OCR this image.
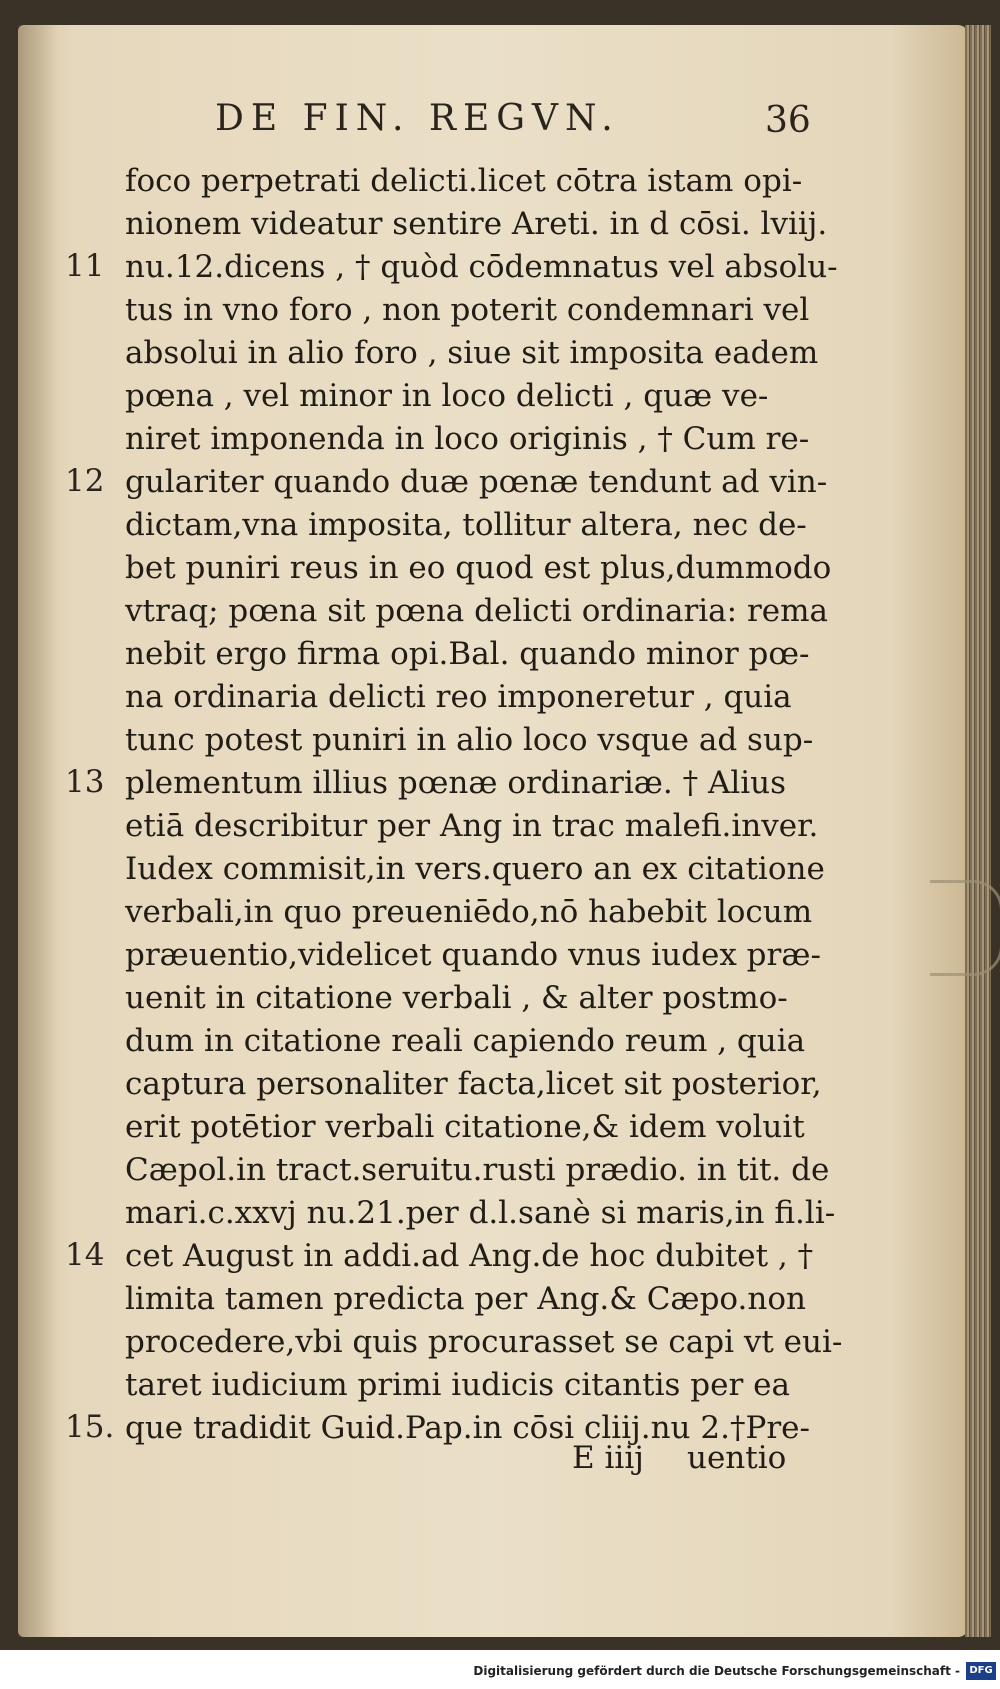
DE FIN. REGVN.	36
foco perpetrati delicti.licet cōtra istam opi-
nionem videatur sentire Areti. in d cōsi. lviij.
nu.12.dicens , † quòd cōdemnatus vel absolu-
tus in vno foro , non poterit condemnari vel
absolui in alio foro , siue sit imposita eadem
pœna , vel minor in loco delicti , quæ ve-
niret imponenda in loco originis , † Cum re-
gulariter quando duæ pœnæ tendunt ad vin-
dictam,vna imposita, tollitur altera, nec de-
bet puniri reus in eo quod est plus,dummodo
vtraq; pœna sit pœna delicti ordinaria: rema
nebit ergo firma opi.Bal. quando minor pœ-
na ordinaria delicti reo imponeretur , quia
tunc potest puniri in alio loco vsque ad sup-
plementum illius pœnæ ordinariæ. † Alius
etiā describitur per Ang in trac malefi.inver.
Iudex commisit,in vers.quero an ex citatione
verbali,in quo preueniēdo,nō habebit locum
præuentio,videlicet quando vnus iudex præ-
uenit in citatione verbali , & alter postmo-
dum in citatione reali capiendo reum , quia
captura personaliter facta,licet sit posterior,
erit potētior verbali citatione,& idem voluit
Cæpol.in tract.seruitu.rusti prædio. in tit. de
mari.c.xxvj nu.21.per d.l.sanè si maris,in fi.li-
cet August in addi.ad Ang.de hoc dubitet , †
limita tamen predicta per Ang.& Cæpo.non
procedere,vbi quis procurasset se capi vt eui-
taret iudicium primi iudicis citantis per ea
que tradidit Guid.Pap.in cōsi cliij.nu 2.†Pre-
11
12
13
14
15.
E iiij uentio
Digitalisierung gefördert durch die Deutsche Forschungsgemeinschaft - DFG
